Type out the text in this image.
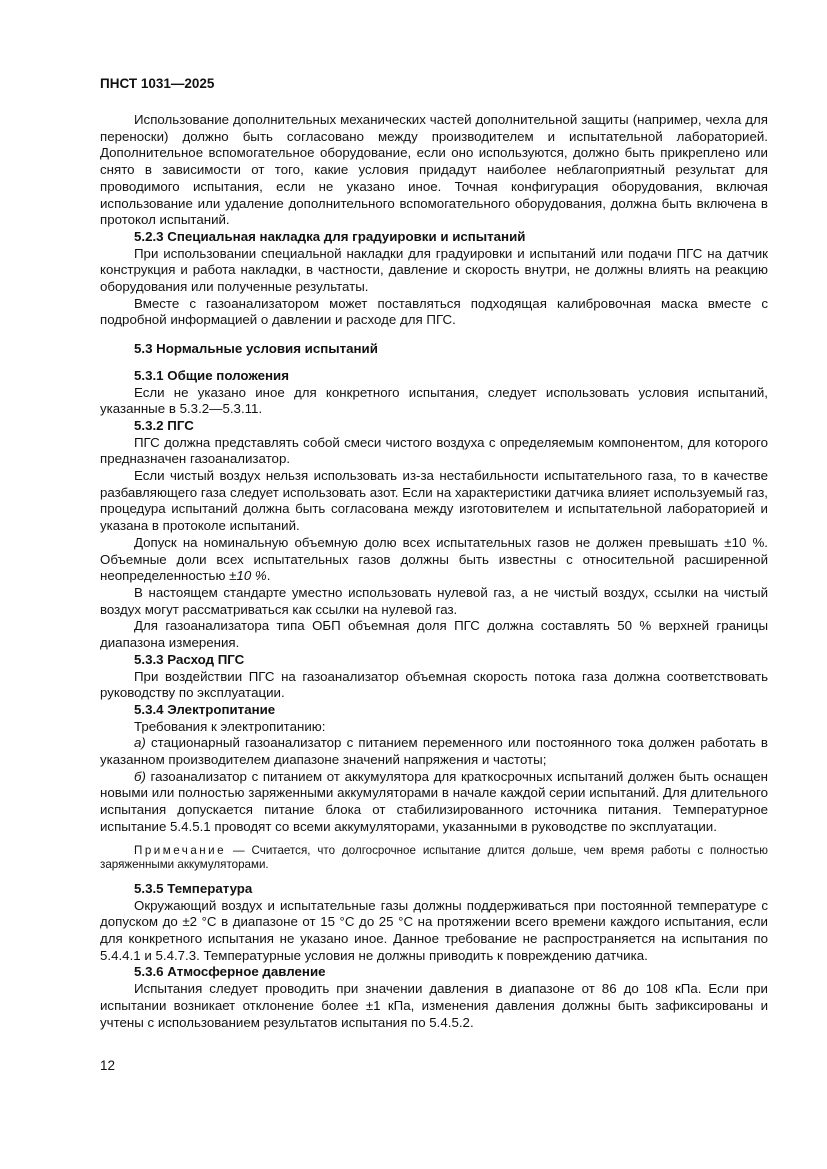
ПНСТ 1031—2025

Использование дополнительных механических частей дополнительной защиты (например, чехла для переноски) должно быть согласовано между производителем и испытательной лабораторией. Дополнительное вспомогательное оборудование, если оно используются, должно быть прикреплено или снято в зависимости от того, какие условия придадут наиболее неблагоприятный результат для проводимого испытания, если не указано иное. Точная конфигурация оборудования, включая использование или удаление дополнительного вспомогательного оборудования, должна быть включена в протокол испытаний.

5.2.3 Специальная накладка для градуировки и испытаний

При использовании специальной накладки для градуировки и испытаний или подачи ПГС на датчик конструкция и работа накладки, в частности, давление и скорость внутри, не должны влиять на реакцию оборудования или полученные результаты.

Вместе с газоанализатором может поставляться подходящая калибровочная маска вместе с подробной информацией о давлении и расходе для ПГС.

5.3 Нормальные условия испытаний

5.3.1 Общие положения

Если не указано иное для конкретного испытания, следует использовать условия испытаний, указанные в 5.3.2—5.3.11.

5.3.2 ПГС

ПГС должна представлять собой смеси чистого воздуха с определяемым компонентом, для которого предназначен газоанализатор.

Если чистый воздух нельзя использовать из-за нестабильности испытательного газа, то в качестве разбавляющего газа следует использовать азот. Если на характеристики датчика влияет используемый газ, процедура испытаний должна быть согласована между изготовителем и испытательной лабораторией и указана в протоколе испытаний.

Допуск на номинальную объемную долю всех испытательных газов не должен превышать ±10 %. Объемные доли всех испытательных газов должны быть известны с относительной расширенной неопределенностью ±10 %.

В настоящем стандарте уместно использовать нулевой газ, а не чистый воздух, ссылки на чистый воздух могут рассматриваться как ссылки на нулевой газ.

Для газоанализатора типа ОБП объемная доля ПГС должна составлять 50 % верхней границы диапазона измерения.

5.3.3 Расход ПГС

При воздействии ПГС на газоанализатор объемная скорость потока газа должна соответствовать руководству по эксплуатации.

5.3.4 Электропитание

Требования к электропитанию:

а) стационарный газоанализатор с питанием переменного или постоянного тока должен работать в указанном производителем диапазоне значений напряжения и частоты;

б) газоанализатор с питанием от аккумулятора для краткосрочных испытаний должен быть оснащен новыми или полностью заряженными аккумуляторами в начале каждой серии испытаний. Для длительного испытания допускается питание блока от стабилизированного источника питания. Температурное испытание 5.4.5.1 проводят со всеми аккумуляторами, указанными в руководстве по эксплуатации.

Примечание — Считается, что долгосрочное испытание длится дольше, чем время работы с полностью заряженными аккумуляторами.

5.3.5 Температура

Окружающий воздух и испытательные газы должны поддерживаться при постоянной температуре с допуском до ±2 °С в диапазоне от 15 °С до 25 °С на протяжении всего времени каждого испытания, если для конкретного испытания не указано иное. Данное требование не распространяется на испытания по 5.4.4.1 и 5.4.7.3. Температурные условия не должны приводить к повреждению датчика.

5.3.6 Атмосферное давление

Испытания следует проводить при значении давления в диапазоне от 86 до 108 кПа. Если при испытании возникает отклонение более ±1 кПа, изменения давления должны быть зафиксированы и учтены с использованием результатов испытания по 5.4.5.2.

12
